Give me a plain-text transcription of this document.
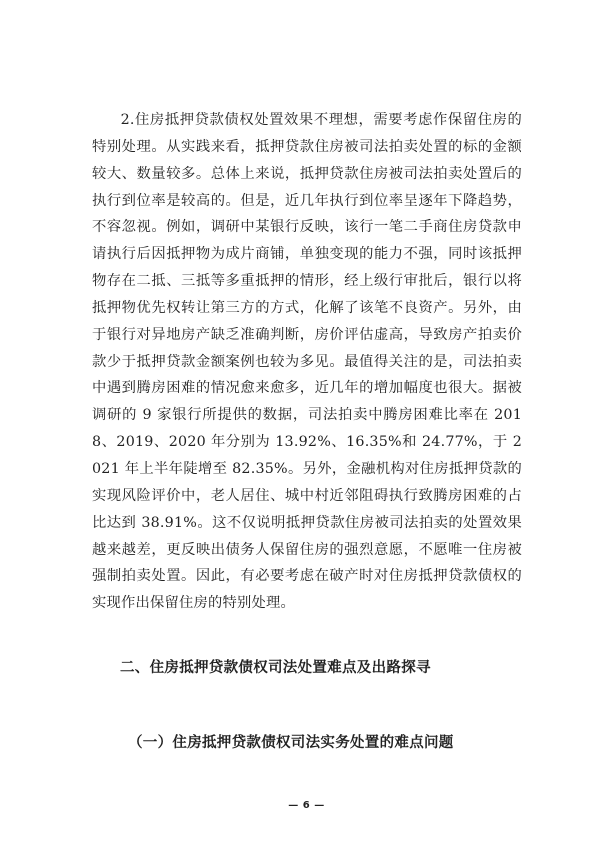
2.住房抵押贷款债权处置效果不理想，需要考虑作保留住房的特别处理。从实践来看，抵押贷款住房被司法拍卖处置的标的金额较大、数量较多。总体上来说，抵押贷款住房被司法拍卖处置后的执行到位率是较高的。但是，近几年执行到位率呈逐年下降趋势，不容忽视。例如，调研中某银行反映，该行一笔二手商住房贷款申请执行后因抵押物为成片商铺，单独变现的能力不强，同时该抵押物存在二抵、三抵等多重抵押的情形，经上级行审批后，银行以将抵押物优先权转让第三方的方式，化解了该笔不良资产。另外，由于银行对异地房产缺乏准确判断，房价评估虚高，导致房产拍卖价款少于抵押贷款金额案例也较为多见。最值得关注的是，司法拍卖中遇到腾房困难的情况愈来愈多，近几年的增加幅度也很大。据被调研的 9 家银行所提供的数据，司法拍卖中腾房困难比率在 2018、2019、2020 年分别为 13.92%、16.35%和 24.77%，于 2021 年上半年陡增至 82.35%。另外，金融机构对住房抵押贷款的实现风险评价中，老人居住、城中村近邻阻碍执行致腾房困难的占比达到 38.91%。这不仅说明抵押贷款住房被司法拍卖的处置效果越来越差，更反映出债务人保留住房的强烈意愿，不愿唯一住房被强制拍卖处置。因此，有必要考虑在破产时对住房抵押贷款债权的实现作出保留住房的特别处理。

二、住房抵押贷款债权司法处置难点及出路探寻
（一）住房抵押贷款债权司法实务处置的难点问题
— 6 —
